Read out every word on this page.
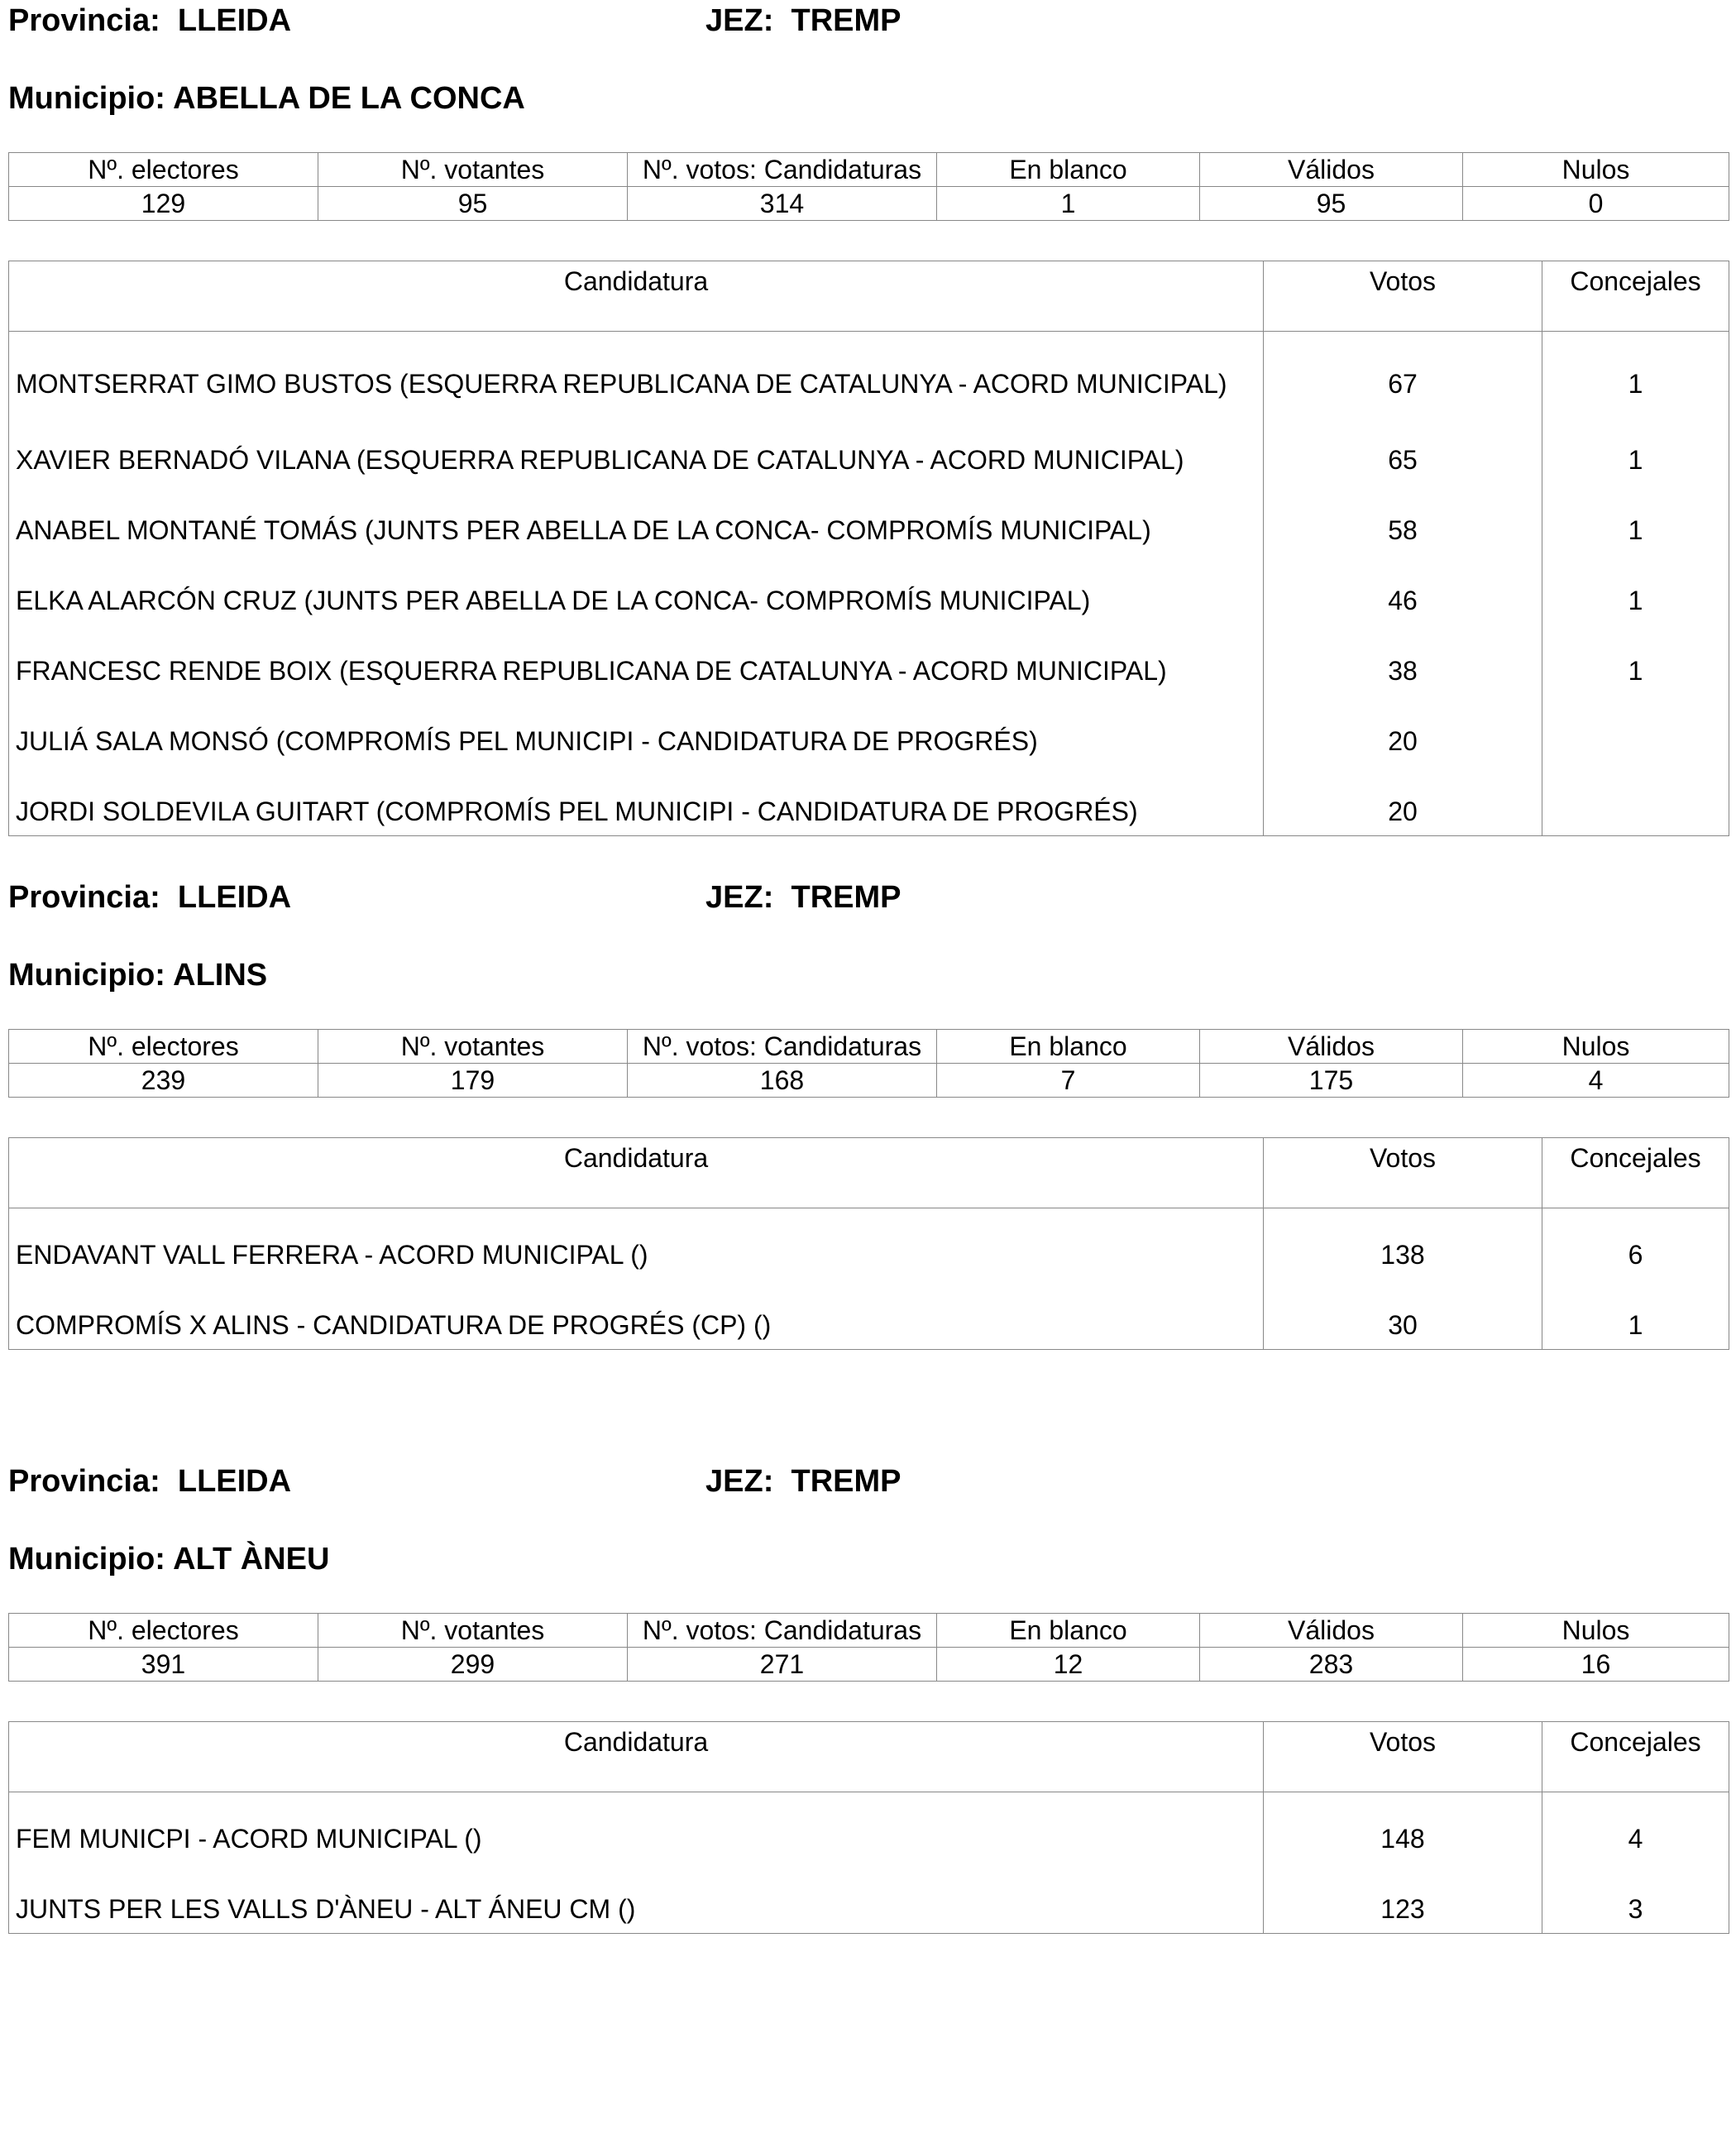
Provincia: LLEIDA	JEZ: TREMP
Municipio: ABELLA DE LA CONCA
Nº. electores	Nº. votantes	Nº. votos: Candidaturas	En blanco	Válidos	Nulos
129	95	314	1	95	0
Candidatura	Votos	Concejales
MONTSERRAT GIMO BUSTOS (ESQUERRA REPUBLICANA DE CATALUNYA - ACORD MUNICIPAL)	67	1
XAVIER BERNADÓ VILANA (ESQUERRA REPUBLICANA DE CATALUNYA - ACORD MUNICIPAL)	65	1
ANABEL MONTANÉ TOMÁS (JUNTS PER ABELLA DE LA CONCA- COMPROMÍS MUNICIPAL)	58	1
ELKA ALARCÓN CRUZ (JUNTS PER ABELLA DE LA CONCA- COMPROMÍS MUNICIPAL)	46	1
FRANCESC RENDE BOIX (ESQUERRA REPUBLICANA DE CATALUNYA - ACORD MUNICIPAL)	38	1
JULIÁ SALA MONSÓ (COMPROMÍS PEL MUNICIPI - CANDIDATURA DE PROGRÉS)	20	
JORDI SOLDEVILA GUITART (COMPROMÍS PEL MUNICIPI - CANDIDATURA DE PROGRÉS)	20	
Provincia: LLEIDA	JEZ: TREMP
Municipio: ALINS
Nº. electores	Nº. votantes	Nº. votos: Candidaturas	En blanco	Válidos	Nulos
239	179	168	7	175	4
Candidatura	Votos	Concejales
ENDAVANT VALL FERRERA - ACORD MUNICIPAL ()	138	6
COMPROMÍS X ALINS - CANDIDATURA DE PROGRÉS (CP) ()	30	1
Provincia: LLEIDA	JEZ: TREMP
Municipio: ALT ÀNEU
Nº. electores	Nº. votantes	Nº. votos: Candidaturas	En blanco	Válidos	Nulos
391	299	271	12	283	16
Candidatura	Votos	Concejales
FEM MUNICPI - ACORD MUNICIPAL ()	148	4
JUNTS PER LES VALLS D'ÀNEU - ALT ÁNEU CM ()	123	3
